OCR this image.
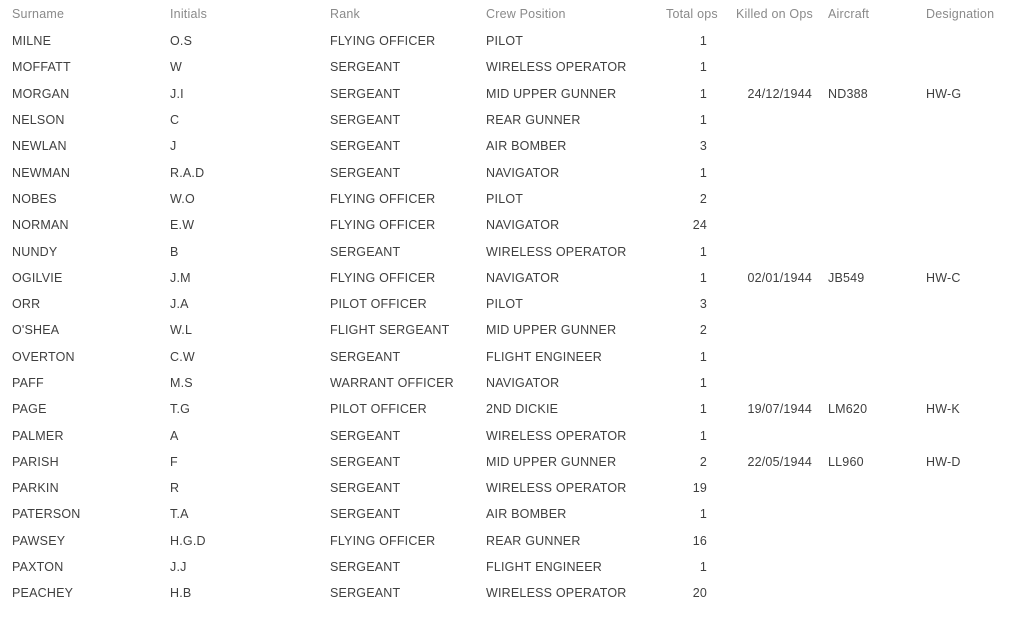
Surname	Initials	Rank	Crew Position	Total ops	Killed on Ops	Aircraft	Designation
MILNE	O.S	FLYING OFFICER	PILOT	1			
MOFFATT	W	SERGEANT	WIRELESS OPERATOR	1			
MORGAN	J.I	SERGEANT	MID UPPER GUNNER	1	24/12/1944	ND388	HW-G
NELSON	C	SERGEANT	REAR GUNNER	1			
NEWLAN	J	SERGEANT	AIR BOMBER	3			
NEWMAN	R.A.D	SERGEANT	NAVIGATOR	1			
NOBES	W.O	FLYING OFFICER	PILOT	2			
NORMAN	E.W	FLYING OFFICER	NAVIGATOR	24			
NUNDY	B	SERGEANT	WIRELESS OPERATOR	1			
OGILVIE	J.M	FLYING OFFICER	NAVIGATOR	1	02/01/1944	JB549	HW-C
ORR	J.A	PILOT OFFICER	PILOT	3			
O'SHEA	W.L	FLIGHT SERGEANT	MID UPPER GUNNER	2			
OVERTON	C.W	SERGEANT	FLIGHT ENGINEER	1			
PAFF	M.S	WARRANT OFFICER	NAVIGATOR	1			
PAGE	T.G	PILOT OFFICER	2ND DICKIE	1	19/07/1944	LM620	HW-K
PALMER	A	SERGEANT	WIRELESS OPERATOR	1			
PARISH	F	SERGEANT	MID UPPER GUNNER	2	22/05/1944	LL960	HW-D
PARKIN	R	SERGEANT	WIRELESS OPERATOR	19			
PATERSON	T.A	SERGEANT	AIR BOMBER	1			
PAWSEY	H.G.D	FLYING OFFICER	REAR GUNNER	16			
PAXTON	J.J	SERGEANT	FLIGHT ENGINEER	1			
PEACHEY	H.B	SERGEANT	WIRELESS OPERATOR	20			
